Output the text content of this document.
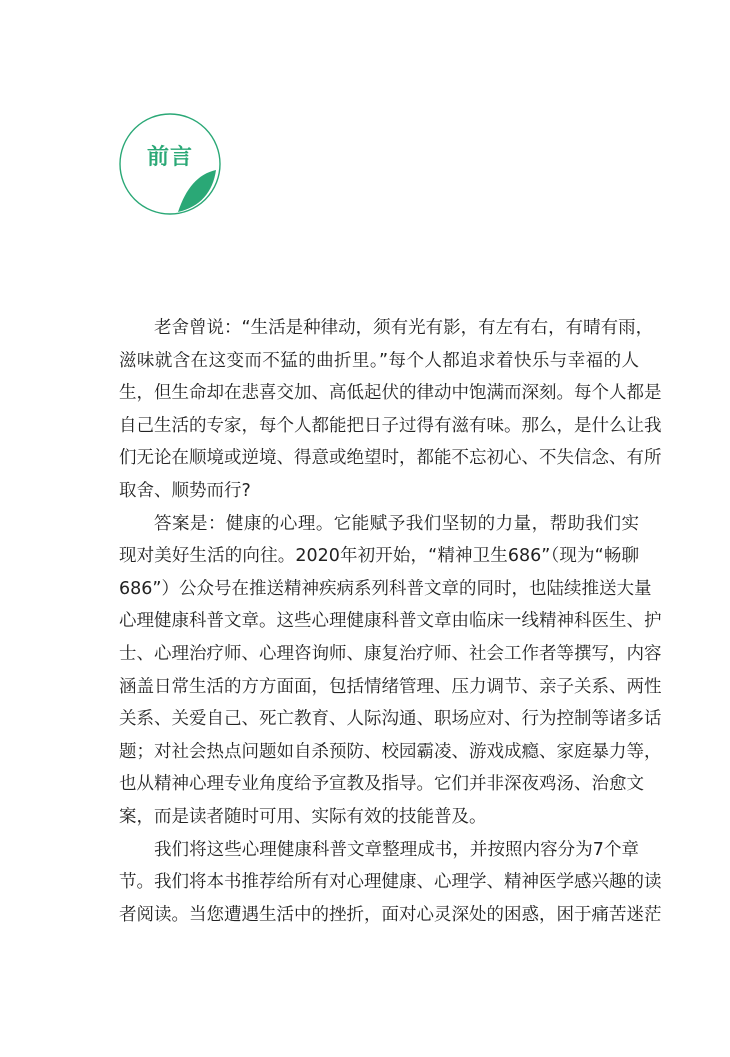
前言
老舍曾说：“生活是种律动，须有光有影，有左有右，有晴有雨，
滋味就含在这变而不猛的曲折里。”每个人都追求着快乐与幸福的人
生，但生命却在悲喜交加、高低起伏的律动中饱满而深刻。每个人都是
自己生活的专家，每个人都能把日子过得有滋有味。那么，是什么让我
们无论在顺境或逆境、得意或绝望时，都能不忘初心、不失信念、有所
取舍、顺势而行?
答案是：健康的心理。它能赋予我们坚韧的力量，帮助我们实
现对美好生活的向往。2020年初开始，“精神卫生686”（现为“畅聊
686”）公众号在推送精神疾病系列科普文章的同时，也陆续推送大量
心理健康科普文章。这些心理健康科普文章由临床一线精神科医生、护
士、心理治疗师、心理咨询师、康复治疗师、社会工作者等撰写，内容
涵盖日常生活的方方面面，包括情绪管理、压力调节、亲子关系、两性
关系、关爱自己、死亡教育、人际沟通、职场应对、行为控制等诸多话
题；对社会热点问题如自杀预防、校园霸凌、游戏成瘾、家庭暴力等，
也从精神心理专业角度给予宣教及指导。它们并非深夜鸡汤、治愈文
案，而是读者随时可用、实际有效的技能普及。
我们将这些心理健康科普文章整理成书，并按照内容分为7个章
节。我们将本书推荐给所有对心理健康、心理学、精神医学感兴趣的读
者阅读。当您遭遇生活中的挫折，面对心灵深处的困惑，困于痛苦迷茫
